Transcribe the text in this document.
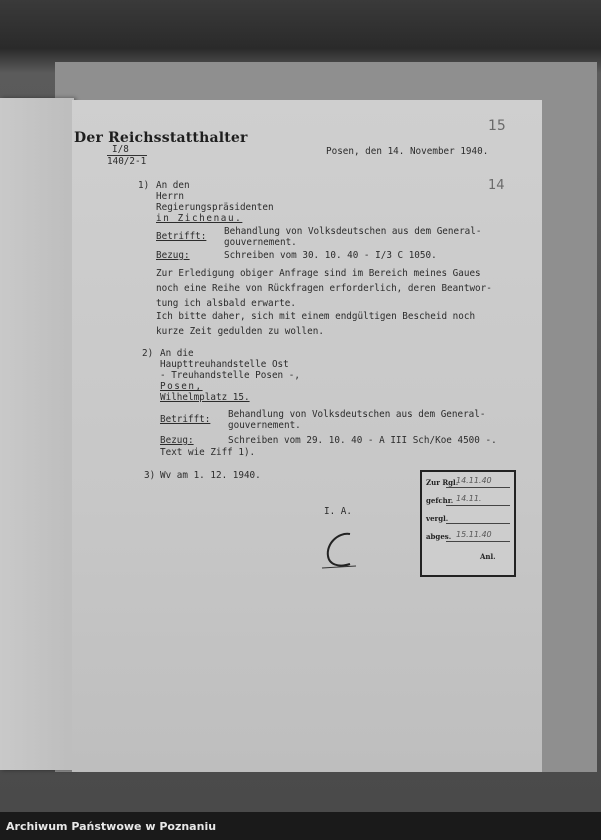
Der Reichsstatthalter
15
14
I/8
140/2-1
Posen, den 14. November 1940.
1) An den
Herrn
Regierungspräsidenten
in Zichenau.
Betrifft: Behandlung von Volksdeutschen aus dem General-
gouvernement.
Bezug:	Schreiben vom 30. 10. 40 - I/3 C 1050.
Zur Erledigung obiger Anfrage sind im Bereich meines Gaues
noch eine Reihe von Rückfragen erforderlich, deren Beantwor-
tung ich alsbald erwarte.
Ich bitte daher, sich mit einem endgültigen Bescheid noch
kurze Zeit gedulden zu wollen.
2) An die
Haupttreuhandstelle Ost
- Treuhandstelle Posen -,
Posen,
Wilhelmplatz 15.
Betrifft: Behandlung von Volksdeutschen aus dem General-
gouvernement.
Bezug:	Schreiben vom 29. 10. 40 - A III Sch/Koe 4500 -.
Text wie Ziff 1).
3) Wv am 1. 12. 1940.
I. A.
Zur Rgl.
14.11.40
gefchr. 14.11.
vergl.
abges. 15.11.40
Anl.
Archiwum Państwowe w Poznaniu
